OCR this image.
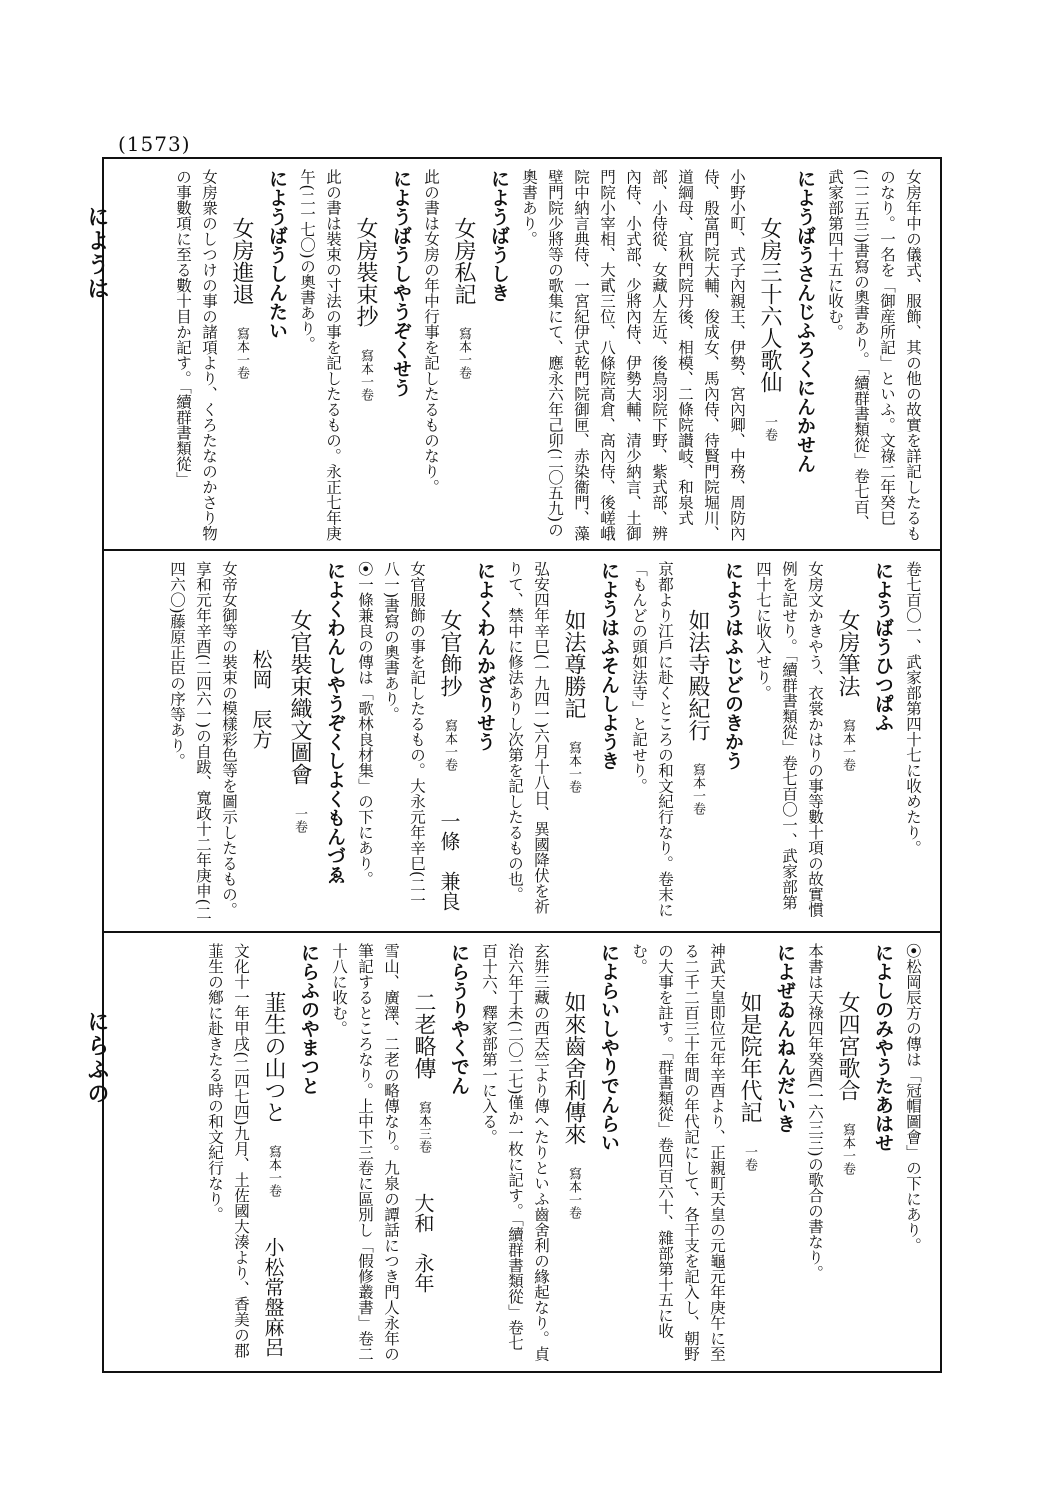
(1573)
にようは
にらふの
女房年中の儀式、服飾、其の他の故實を詳記したるものなり。一名を「御産所記」といふ。文祿二年癸巳(二二五三)書寫の奧書あり。「續群書類從」卷七百、武家部第四十五に收む。
にようばうさんじふろくにんかせん
女房三十六人歌仙一卷
小野小町、式子內親王、伊勢、宮內卿、中務、周防內侍、殷富門院大輔、俊成女、馬內侍、待賢門院堀川、道綱母、宜秋門院丹後、相模、二條院讃岐、和泉式部、小侍從、女藏人左近、後鳥羽院下野、紫式部、辨內侍、小式部、少將內侍、伊勢大輔、清少納言、土御門院小宰相、大貳三位、八條院高倉、高內侍、後嵯峨院中納言典侍、一宮紀伊式乾門院御匣、赤染衞門、藻壁門院少將等の歌集にて、應永六年己卯(二〇五九)の奧書あり。
にようばうしき
女房私記寫本一卷
此の書は女房の年中行事を記したるものなり。
にようばうしやうぞくせう
女房裝束抄寫本一卷
此の書は裝束の寸法の事を記したるもの。永正七年庚午(二一七〇)の奧書あり。
にようばうしんたい
女房進退寫本一卷
女房衆のしつけの事の諸項より、くろたなのかさり物の事數項に至る數十目か記す。「續群書類從」
卷七百〇一、武家部第四十七に收めたり。
にようばうひつぱふ
女房筆法寫本一卷
女房文かきやう、衣裳かはりの事等數十項の故實慣例を記せり。「續群書類從」卷七百〇一、武家部第四十七に收入せり。
にようはふじどのきかう
如法寺殿紀行寫本一卷
京都より江戶に赴くところの和文紀行なり。卷末に「もんどの頭如法寺」と記せり。
にようはふそんしようき
如法尊勝記寫本一卷
弘安四年辛巳(一九四一)六月十八日、異國降伏を祈りて、禁中に修法ありし次第を記したるもの也。
によくわんかざりせう
女官飾抄寫本一卷一條　兼良
女官服飾の事を記したるもの。大永元年辛巳(二一八一)書寫の奧書あり。
⦿一條兼良の傳は「歌林良材集」の下にあり。
によくわんしやうぞくしよくもんづゑ
女官裝束織文圖會一卷松岡　辰方
女帝女御等の裝束の模樣彩色等を圖示したるもの。享和元年辛酉(二四六一)の自跋、寬政十二年庚申(二四六〇)藤原正臣の序等あり。
⦿松岡辰方の傳は「冠帽圖會」の下にあり。
によしのみやうたあはせ
女四宮歌合寫本一卷
本書は天祿四年癸酉(一六三三)の歌合の書なり。
によぜゐんねんだいき
如是院年代記一卷
神武天皇即位元年辛酉より、正親町天皇の元龜元年庚午に至る二千二百三十年間の年代記にして、各干支を記入し、朝野の大事を註す。「群書類從」卷四百六十、雜部第十五に收む。
によらいしやりでんらい
如來齒舍利傳來寫本一卷
玄弉三藏の西天竺より傳へたりといふ齒舍利の緣起なり。貞治六年丁未(二〇二七)僅か一枚に記す。「續群書類從」卷七百十六、釋家部第一に入る。
にらうりやくでん
二老略傳寫本三卷大和　永年
雪山、廣澤、二老の略傳なり。九泉の譚話につき門人永年の筆記するところなり。上中下三卷に區別し「假修叢書」卷二十八に收む。
にらふのやまつと
韮生の山つと寫本一卷小松常盤麻呂
文化十一年甲戌(二四七四)九月、土佐國大湊より、香美の郡韮生の鄕に赴きたる時の和文紀行なり。
